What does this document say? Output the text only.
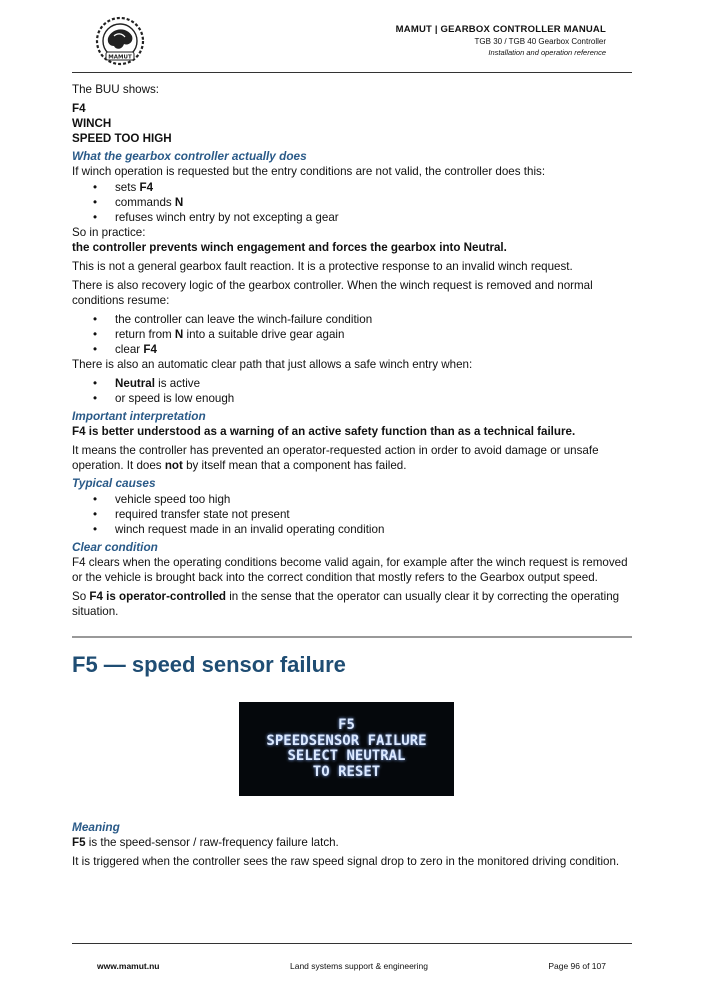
MAMUT
MAMUT | GEARBOX CONTROLLER MANUAL
TGB 30 / TGB 40 Gearbox Controller
Installation and operation reference

The BUU shows:

F4

WINCH

SPEED TOO HIGH

What the gearbox controller actually does

If winch operation is requested but the entry conditions are not valid, the controller does this:

• sets F4
• commands N
• refuses winch entry by not excepting a gear

So in practice:

the controller prevents winch engagement and forces the gearbox into Neutral.

This is not a general gearbox fault reaction. It is a protective response to an invalid winch request.

There is also recovery logic of the gearbox controller. When the winch request is removed and normal conditions resume:

• the controller can leave the winch-failure condition
• return from N into a suitable drive gear again
• clear F4

There is also an automatic clear path that just allows a safe winch entry when:

• Neutral is active
• or speed is low enough

Important interpretation

F4 is better understood as a warning of an active safety function than as a technical failure.

It means the controller has prevented an operator-requested action in order to avoid damage or unsafe operation. It does not by itself mean that a component has failed.

Typical causes

• vehicle speed too high
• required transfer state not present
• winch request made in an invalid operating condition

Clear condition

F4 clears when the operating conditions become valid again, for example after the winch request is removed or the vehicle is brought back into the correct condition that mostly refers to the Gearbox output speed.

So F4 is operator-controlled in the sense that the operator can usually clear it by correcting the operating situation.

F5 — speed sensor failure

F5
SPEEDSENSOR FAILURE
SELECT NEUTRAL
TO RESET

Meaning

F5 is the speed-sensor / raw-frequency failure latch.

It is triggered when the controller sees the raw speed signal drop to zero in the monitored driving condition.

www.mamut.nu	Land systems support & engineering	Page 96 of 107
